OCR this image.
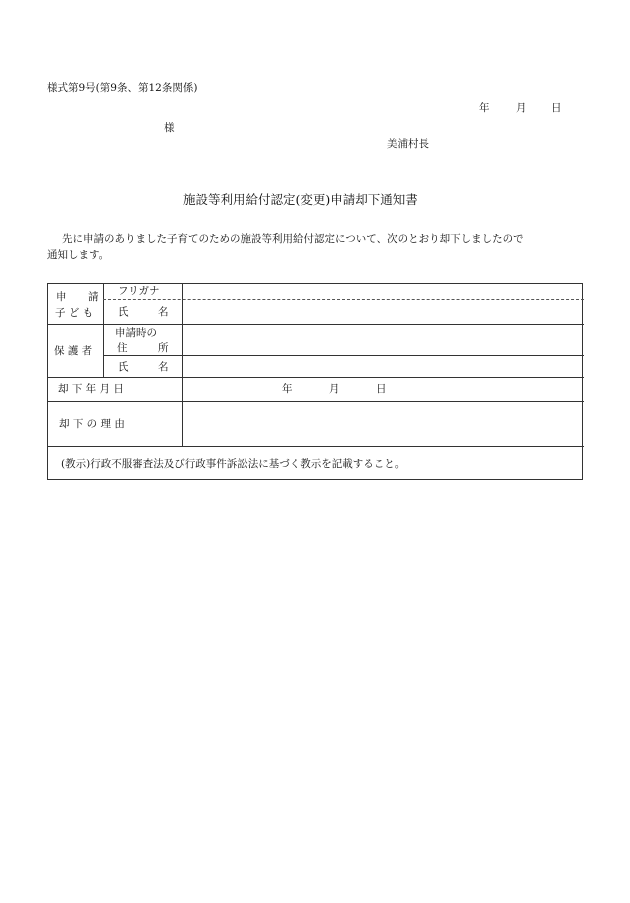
様式第9号(第9条、第12条関係)
年	月 日
様
美浦村長
施設等利用給付認定(変更)申請却下通知書
先に申請のありました子育てのための施設等利用給付認定について、次のとおり却下しましたので
通知します。
申 請
子 ど も
フリガナ
氏	名
保 護 者
申請時の
住	所
氏	名
却 下 年 月 日	年	月	日
却 下 の 理 由
(教示)行政不服審査法及び行政事件訴訟法に基づく教示を記載すること。
